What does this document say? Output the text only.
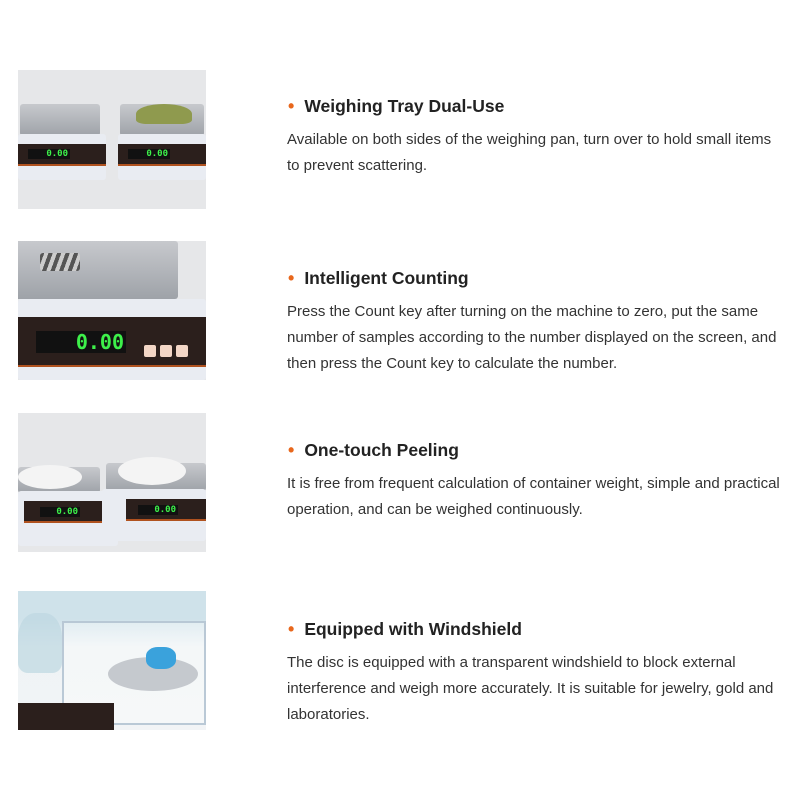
0.00	0.00
• Weighing Tray Dual-Use
Available on both sides of the weighing pan, turn over to hold small items to prevent scattering.
0.00
• Intelligent Counting
Press the Count key after turning on the machine to zero, put the same number of samples according to the number displayed on the screen, and then press the Count key to calculate the number.
0.00	0.00
• One-touch Peeling
It is free from frequent calculation of container weight, simple and practical operation, and can be weighed continuously.
• Equipped with Windshield
The disc is equipped with a transparent windshield to block external interference and weigh more accurately. It is suitable for jewelry, gold and laboratories.
